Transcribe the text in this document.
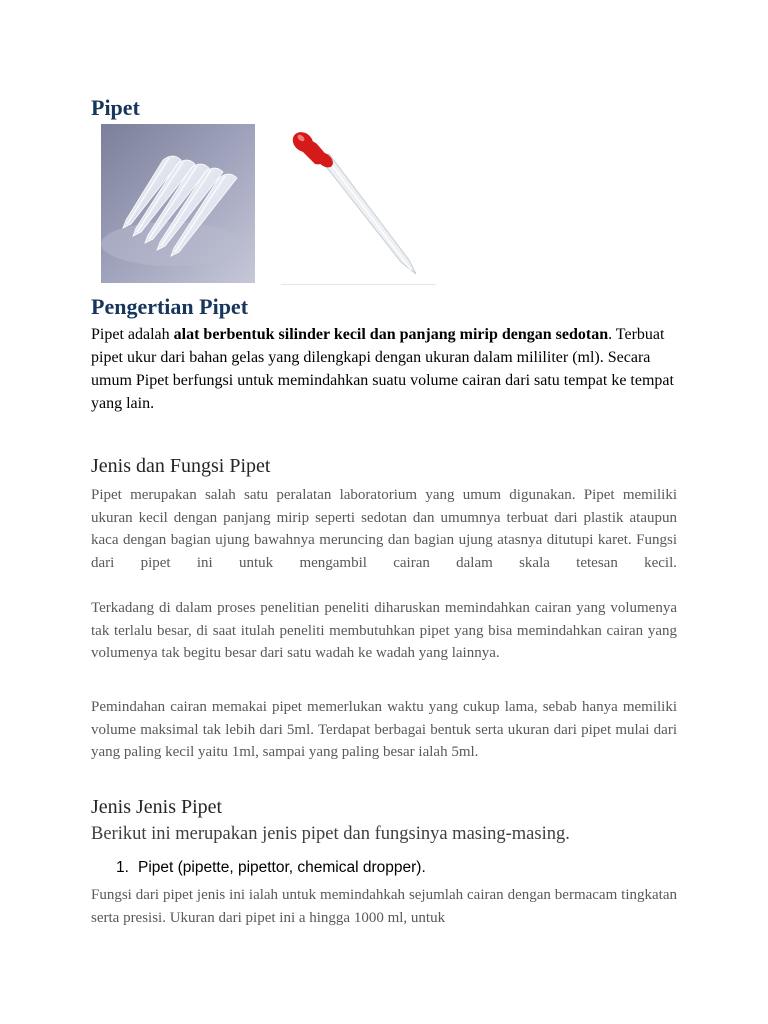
Pipet
Pengertian Pipet

Pipet adalah alat berbentuk silinder kecil dan panjang mirip dengan sedotan. Terbuat pipet ukur dari bahan gelas yang dilengkapi dengan ukuran dalam mililiter (ml). Secara umum Pipet berfungsi untuk memindahkan suatu volume cairan dari satu tempat ke tempat yang lain.

Jenis dan Fungsi Pipet

Pipet merupakan salah satu peralatan laboratorium yang umum digunakan. Pipet memiliki ukuran kecil dengan panjang mirip seperti sedotan dan umumnya terbuat dari plastik ataupun kaca dengan bagian ujung bawahnya meruncing dan bagian ujung atasnya ditutupi karet. Fungsi dari pipet ini untuk mengambil cairan dalam skala tetesan kecil.

Terkadang di dalam proses penelitian peneliti diharuskan memindahkan cairan yang volumenya tak terlalu besar, di saat itulah peneliti membutuhkan pipet yang bisa memindahkan cairan yang volumenya tak begitu besar dari satu wadah ke wadah yang lainnya.

Pemindahan cairan memakai pipet memerlukan waktu yang cukup lama, sebab hanya memiliki volume maksimal tak lebih dari 5ml. Terdapat berbagai bentuk serta ukuran dari pipet mulai dari yang paling kecil yaitu 1ml, sampai yang paling besar ialah 5ml.

Jenis Jenis Pipet

Berikut ini merupakan jenis pipet dan fungsinya masing-masing.

1. Pipet (pipette, pipettor, chemical dropper).

Fungsi dari pipet jenis ini ialah untuk memindahkah sejumlah cairan dengan bermacam tingkatan serta presisi. Ukuran dari pipet ini a hingga 1000 ml, untuk
